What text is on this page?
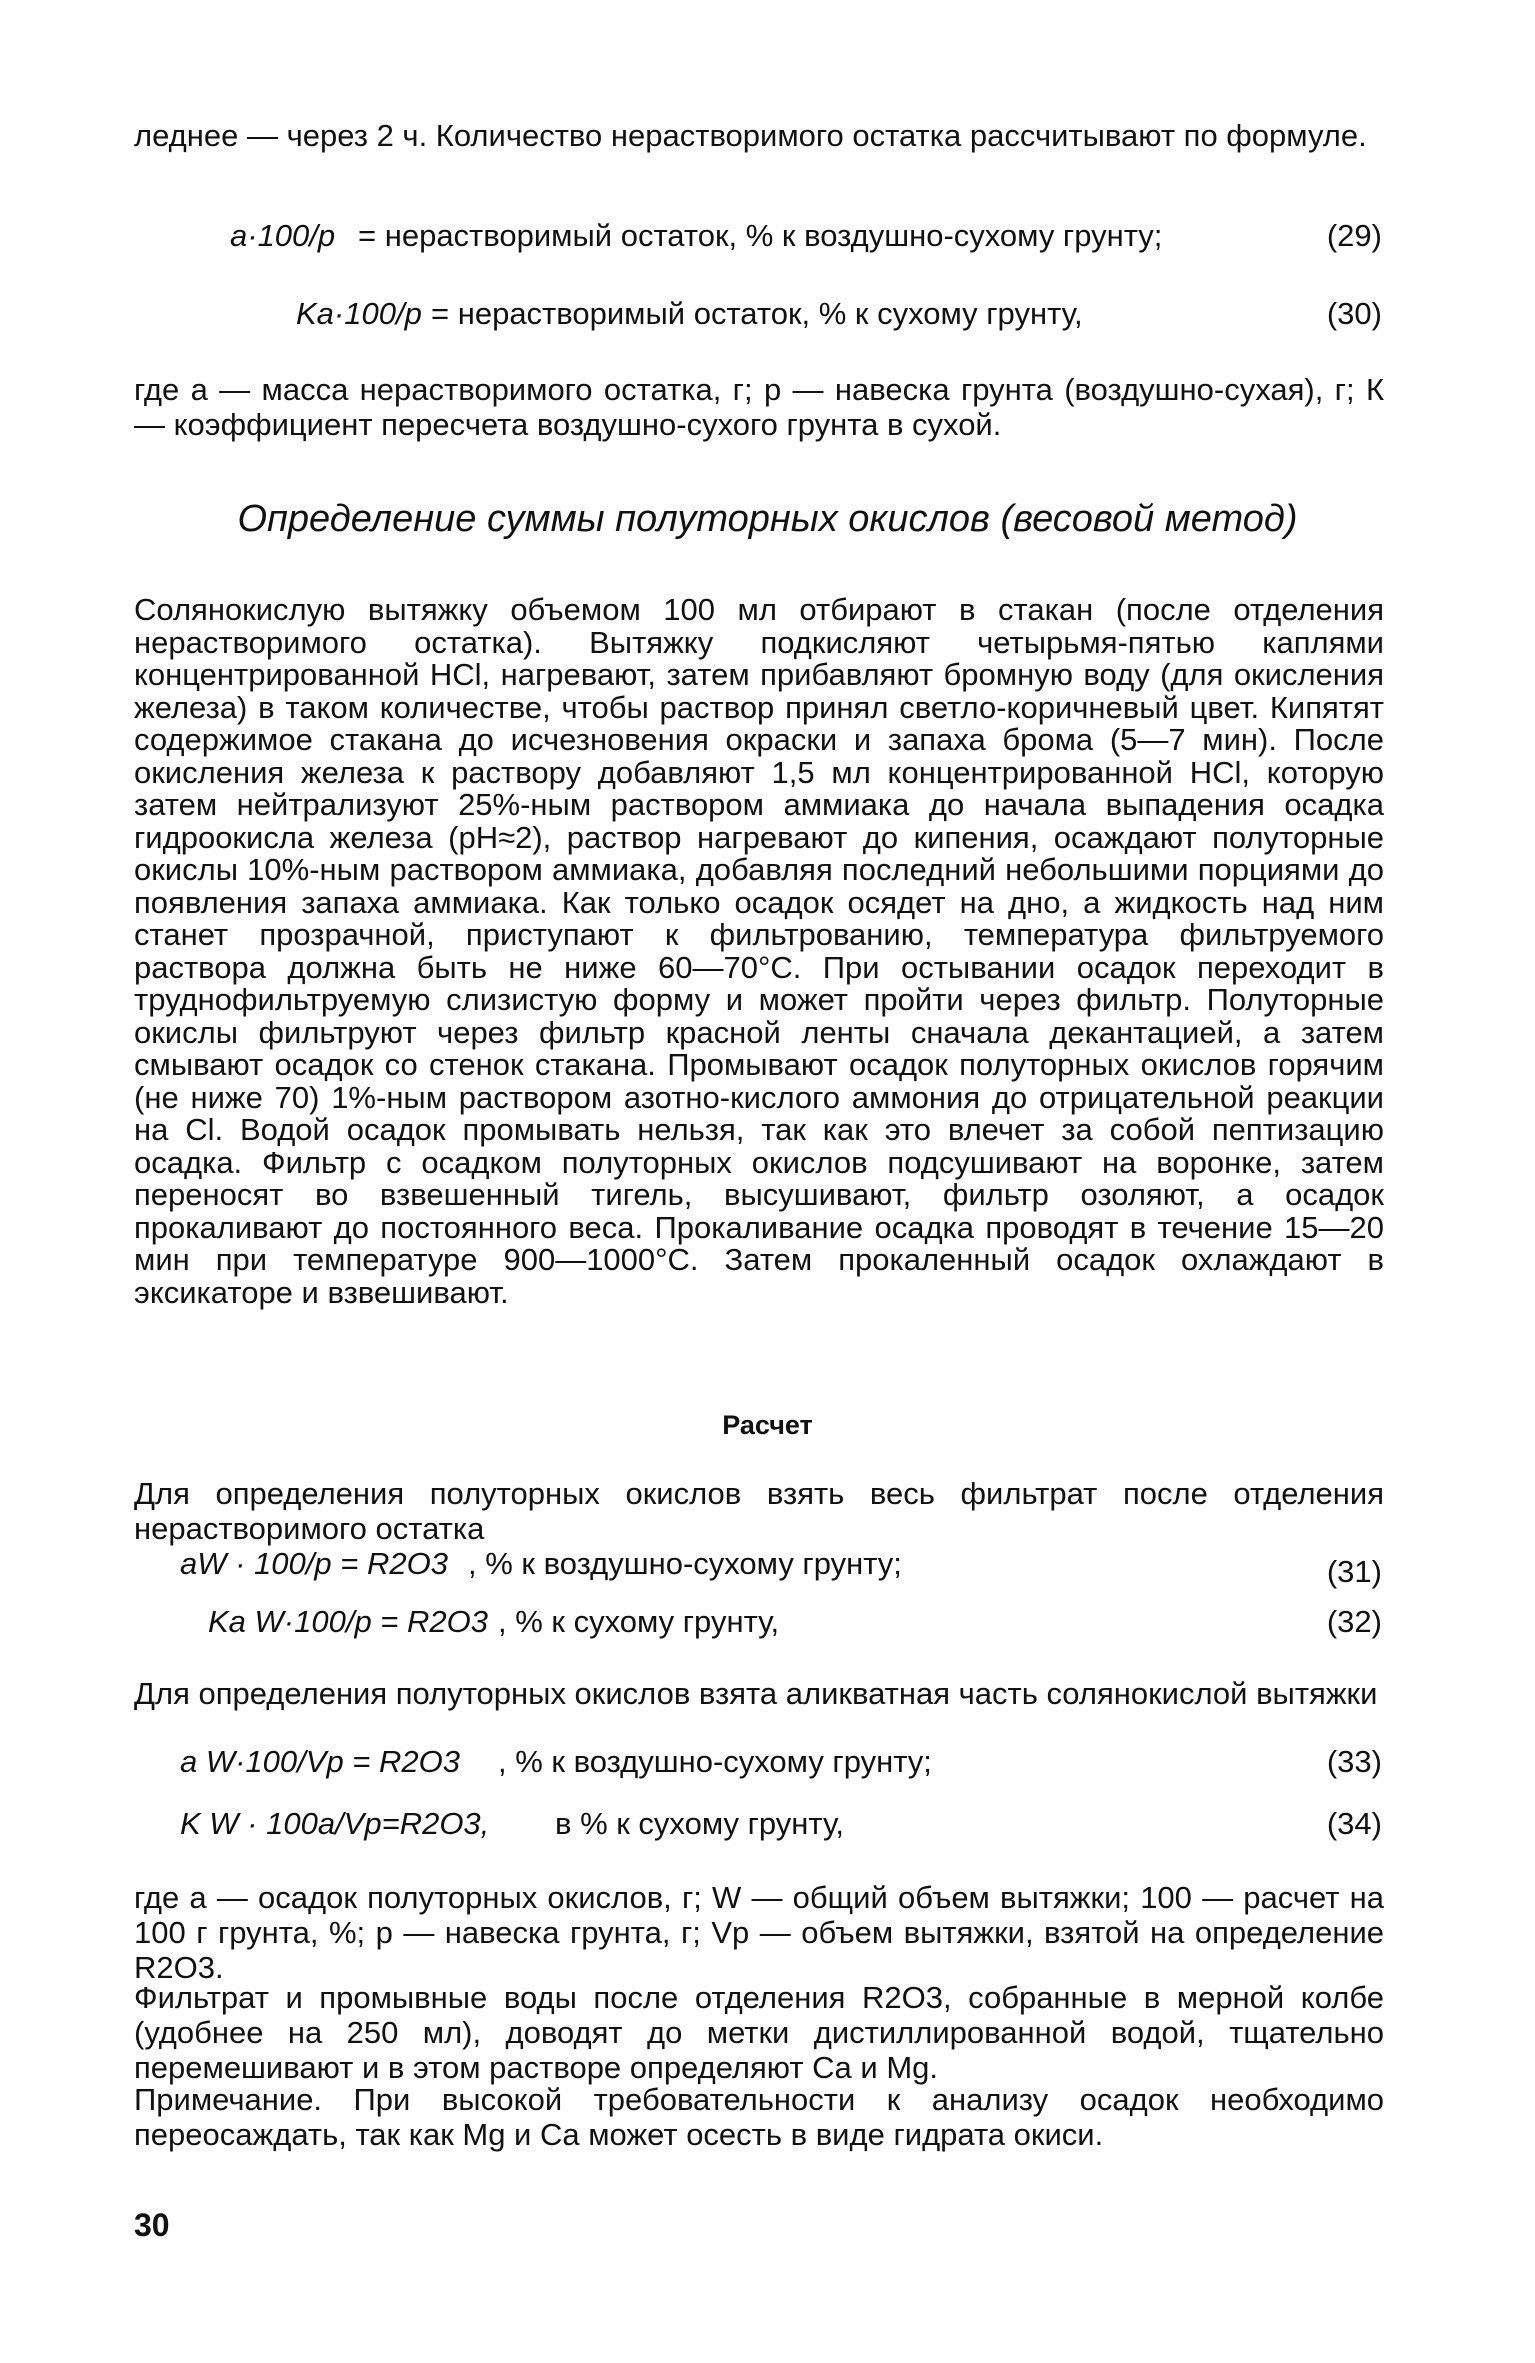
леднее — через 2 ч. Количество нерастворимого остатка рассчитывают по формуле.

a·100/p = нерастворимый остаток, % к воздушно-сухому грунту;	(29)
Ka·100/p = нерастворимый остаток, % к сухому грунту,	(30)

где а — масса нерастворимого остатка, г; р — навеска грунта (воздушно-сухая), г; К — коэффициент пересчета воздушно-сухого грунта в сухой.

Определение суммы полуторных окислов (весовой метод)

Солянокислую вытяжку объемом 100 мл отбирают в стакан (после отделения нерастворимого остатка). Вытяжку подкисляют четырьмя-пятью каплями концентрированной HCl, нагревают, затем прибавляют бромную воду (для окисления железа) в таком количестве, чтобы раствор принял светло-коричневый цвет. Кипятят содержимое стакана до исчезновения окраски и запаха брома (5—7 мин). После окисления железа к раствору добавляют 1,5 мл концентрированной HCl, которую затем нейтрализуют 25%-ным раствором аммиака до начала выпадения осадка гидроокисла железа (pH≈2), раствор нагревают до кипения, осаждают полуторные окислы 10%-ным раствором аммиака, добавляя последний небольшими порциями до появления запаха аммиака. Как только осадок осядет на дно, а жидкость над ним станет прозрачной, приступают к фильтрованию, температура фильтруемого раствора должна быть не ниже 60—70°С. При остывании осадок переходит в труднофильтруемую слизистую форму и может пройти через фильтр. Полуторные окислы фильтруют через фильтр красной ленты сначала декантацией, а затем смывают осадок со стенок стакана. Промывают осадок полуторных окислов горячим (не ниже 70) 1%-ным раствором азотно-кислого аммония до отрицательной реакции на Cl. Водой осадок промывать нельзя, так как это влечет за собой пептизацию осадка. Фильтр с осадком полуторных окислов подсушивают на воронке, затем переносят во взвешенный тигель, высушивают, фильтр озоляют, а осадок прокаливают до постоянного веса. Прокаливание осадка проводят в течение 15—20 мин при температуре 900—1000°С. Затем прокаленный осадок охлаждают в эксикаторе и взвешивают.

Расчет

Для определения полуторных окислов взять весь фильтрат после отделения нерастворимого остатка

aW · 100/p = R2O3 , % к воздушно-сухому грунту;	(31)
Ka W·100/p = R2O3 , % к сухому грунту,	(32)

Для определения полуторных окислов взята аликватная часть солянокислой вытяжки

a W·100/Vp = R2O3 , % к воздушно-сухому грунту;	(33)
K W · 100a/Vp=R2O3, в % к сухому грунту,	(34)

где а — осадок полуторных окислов, г; W — общий объем вытяжки; 100 — расчет на 100 г грунта, %; р — навеска грунта, г; Vр — объем вытяжки, взятой на определение R2O3.

Фильтрат и промывные воды после отделения R2O3, собранные в мерной колбе (удобнее на 250 мл), доводят до метки дистиллированной водой, тщательно перемешивают и в этом растворе определяют Ca и Mg.

Примечание. При высокой требовательности к анализу осадок необходимо переосаждать, так как Mg и Ca может осесть в виде гидрата окиси.

30
